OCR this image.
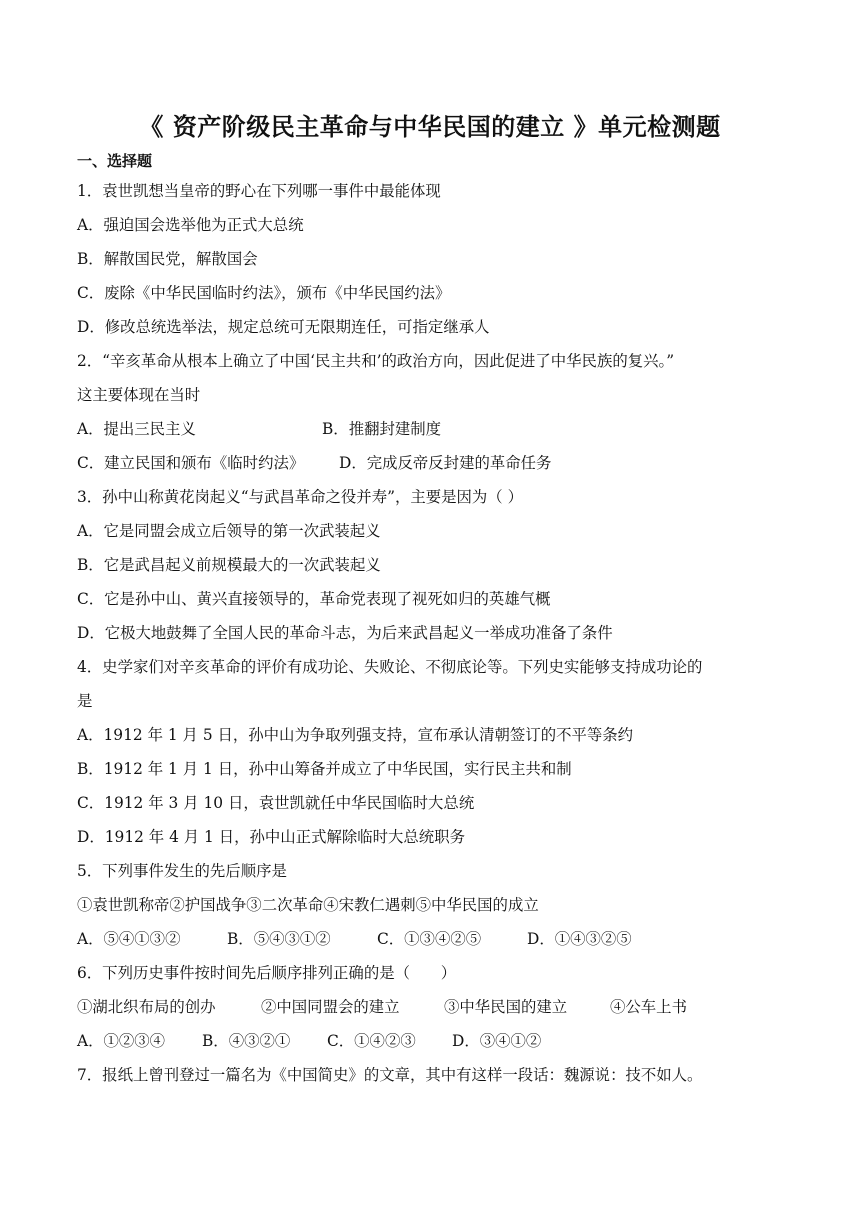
《 资产阶级民主革命与中华民国的建立 》单元检测题
一、选择题
1．袁世凯想当皇帝的野心在下列哪一事件中最能体现
A．强迫国会选举他为正式大总统
B．解散国民党，解散国会
C．废除《中华民国临时约法》，颁布《中华民国约法》
D．修改总统选举法，规定总统可无限期连任，可指定继承人
2．“辛亥革命从根本上确立了中国‘民主共和’的政治方向，因此促进了中华民族的复兴。”
这主要体现在当时
A．提出三民主义	B．推翻封建制度
C．建立民国和颁布《临时约法》 D．完成反帝反封建的革命任务
3．孙中山称黄花岗起义“与武昌革命之役并寿”，主要是因为（ ）
A．它是同盟会成立后领导的第一次武装起义
B．它是武昌起义前规模最大的一次武装起义
C．它是孙中山、黄兴直接领导的，革命党表现了视死如归的英雄气概
D．它极大地鼓舞了全国人民的革命斗志，为后来武昌起义一举成功准备了条件
4．史学家们对辛亥革命的评价有成功论、失败论、不彻底论等。下列史实能够支持成功论的
是
A．1912 年 1 月 5 日，孙中山为争取列强支持，宣布承认清朝签订的不平等条约
B．1912 年 1 月 1 日，孙中山筹备并成立了中华民国，实行民主共和制
C．1912 年 3 月 10 日，袁世凯就任中华民国临时大总统
D．1912 年 4 月 1 日，孙中山正式解除临时大总统职务
5．下列事件发生的先后顺序是
①袁世凯称帝②护国战争③二次革命④宋教仁遇刺⑤中华民国的成立
A．⑤④①③②	B．⑤④③①②	C．①③④②⑤	D．①④③②⑤
6．下列历史事件按时间先后顺序排列正确的是（　　）
①湖北织布局的创办	②中国同盟会的建立	③中华民国的建立	④公车上书
A．①②③④ B．④③②① C．①④②③ D．③④①②
7．报纸上曾刊登过一篇名为《中国简史》的文章，其中有这样一段话：魏源说：技不如人。
